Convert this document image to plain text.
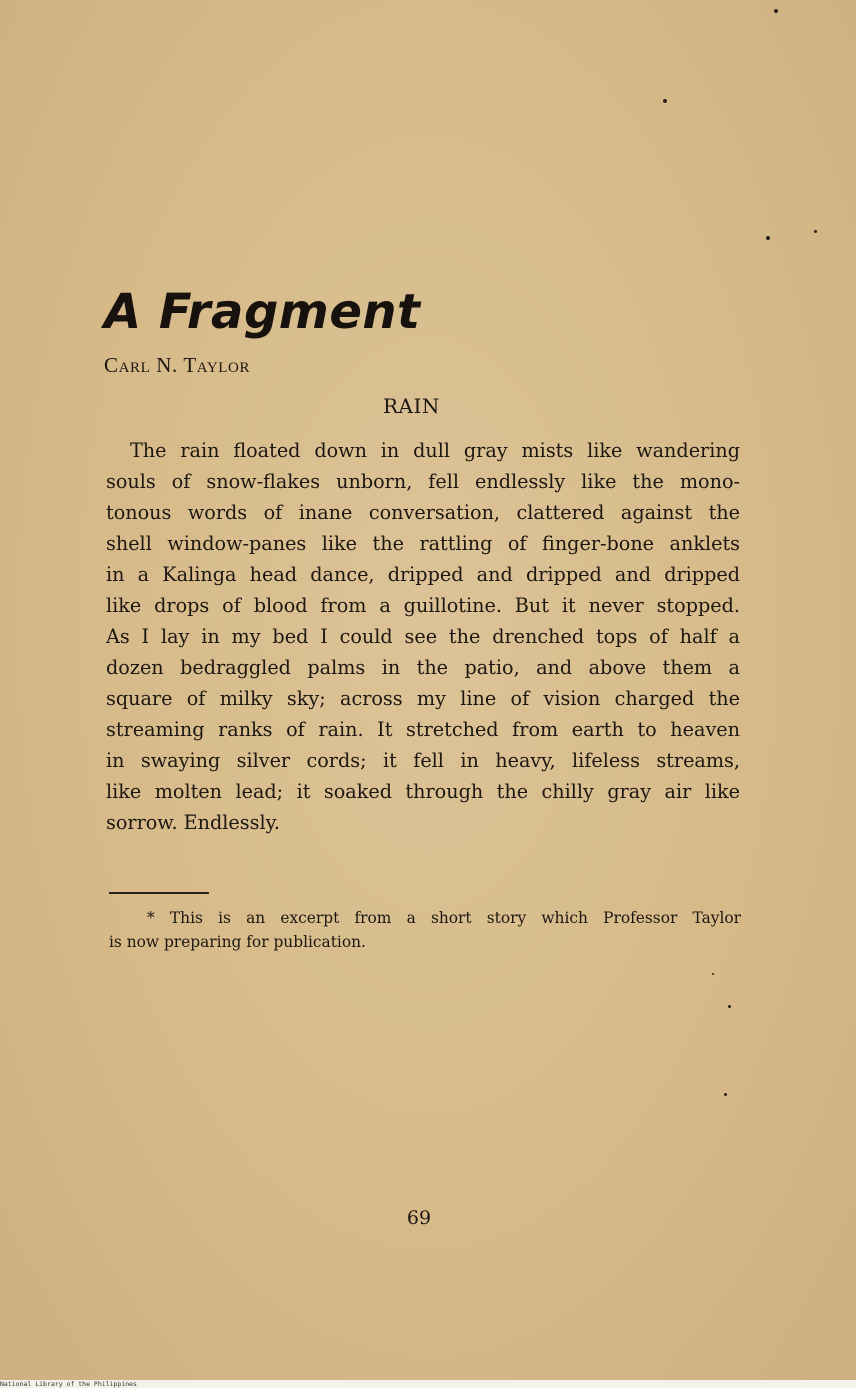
A Fragment
Carl N. Taylor
RAIN
The rain floated down in dull gray mists like wandering
souls of snow-flakes unborn, fell endlessly like the mono-
tonous words of inane conversation, clattered against the
shell window-panes like the rattling of finger-bone anklets
in a Kalinga head dance, dripped and dripped and dripped
like drops of blood from a guillotine. But it never stopped.
As I lay in my bed I could see the drenched tops of half a
dozen bedraggled palms in the patio, and above them a
square of milky sky; across my line of vision charged the
streaming ranks of rain. It stretched from earth to heaven
in swaying silver cords; it fell in heavy, lifeless streams,
like molten lead; it soaked through the chilly gray air like
sorrow. Endlessly.
* This is an excerpt from a short story which Professor Taylor
is now preparing for publication.
69
National Library of the Philippines
